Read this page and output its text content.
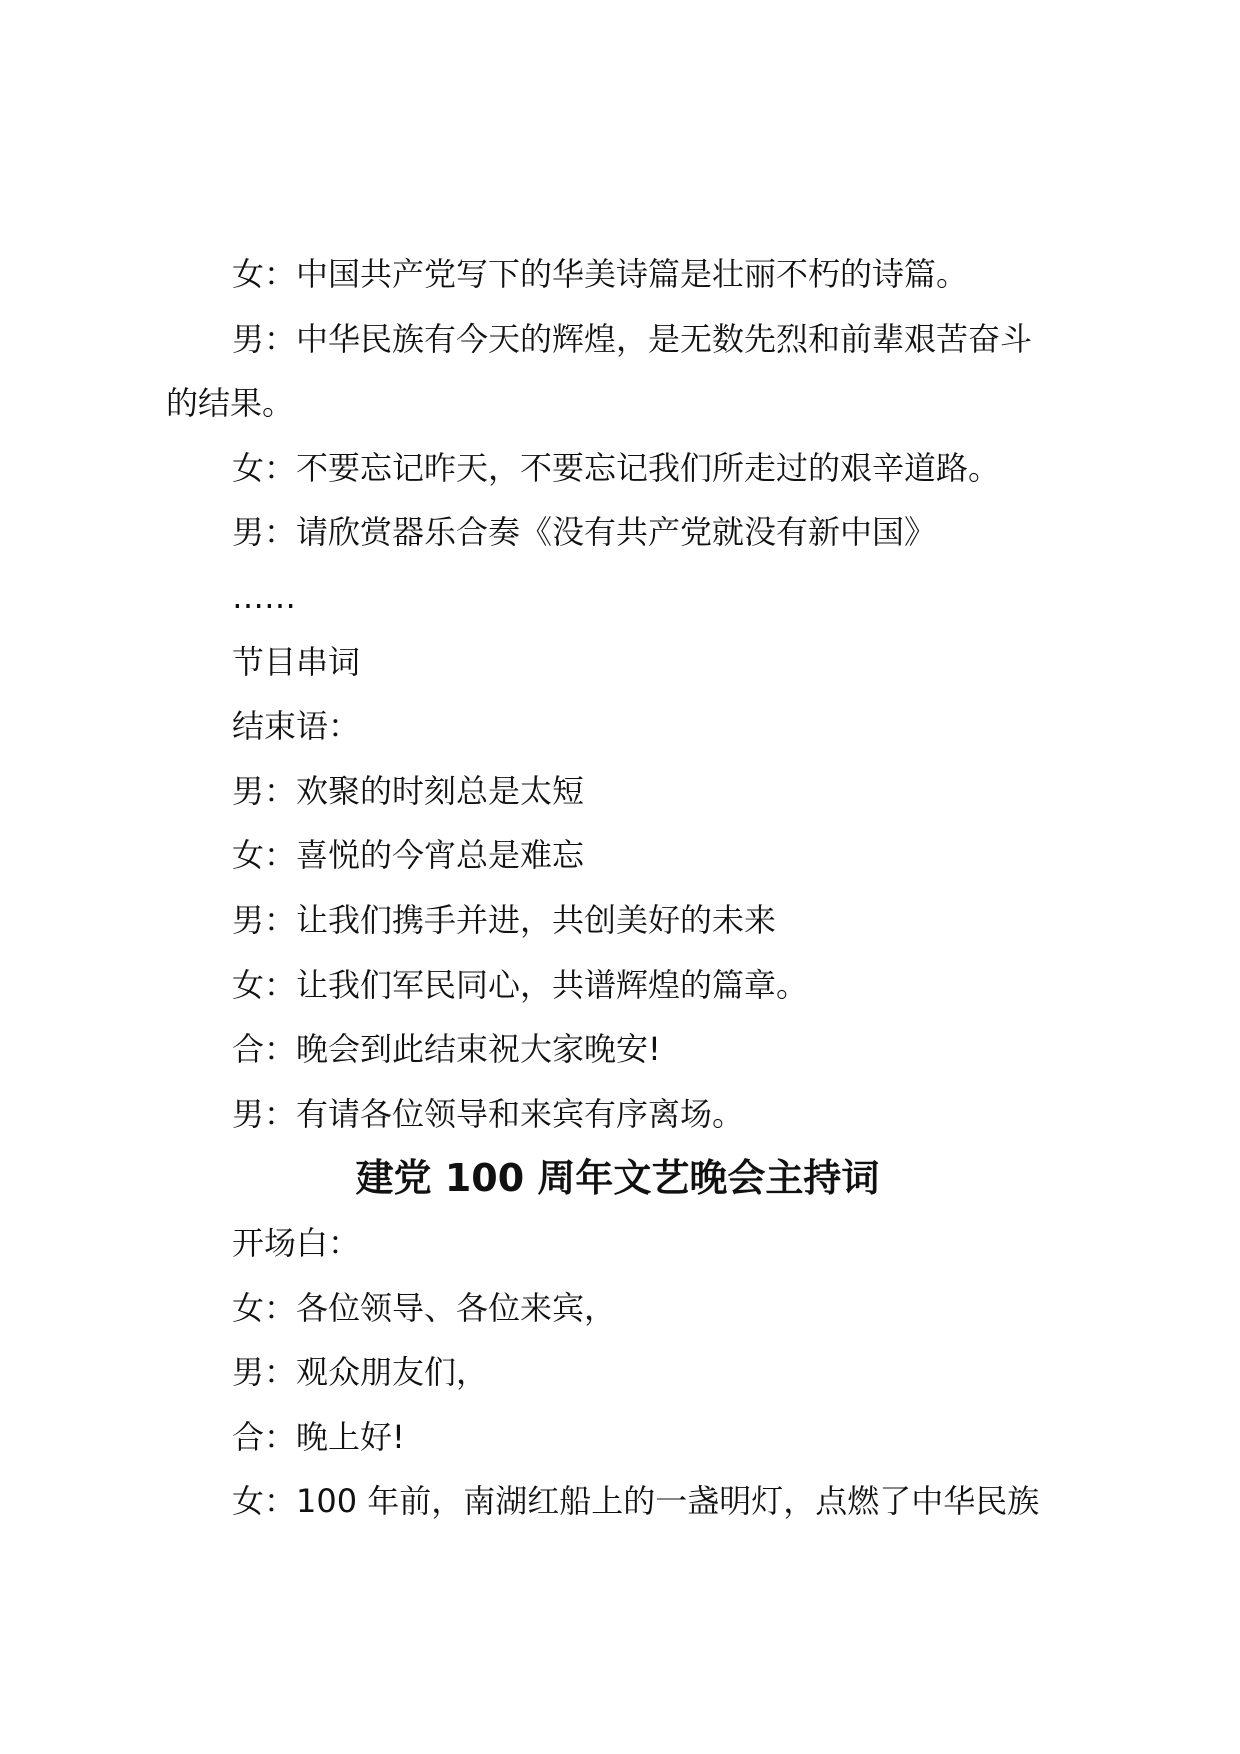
女：中国共产党写下的华美诗篇是壮丽不朽的诗篇。
男：中华民族有今天的辉煌，是无数先烈和前辈艰苦奋斗
的结果。
女：不要忘记昨天，不要忘记我们所走过的艰辛道路。
男：请欣赏器乐合奏《没有共产党就没有新中国》
……
节目串词
结束语：
男：欢聚的时刻总是太短
女：喜悦的今宵总是难忘
男：让我们携手并进，共创美好的未来
女：让我们军民同心，共谱辉煌的篇章。
合：晚会到此结束祝大家晚安!
男：有请各位领导和来宾有序离场。
建党 100 周年文艺晚会主持词
开场白：
女：各位领导、各位来宾，
男：观众朋友们，
合：晚上好!
女：100 年前，南湖红船上的一盏明灯，点燃了中华民族
